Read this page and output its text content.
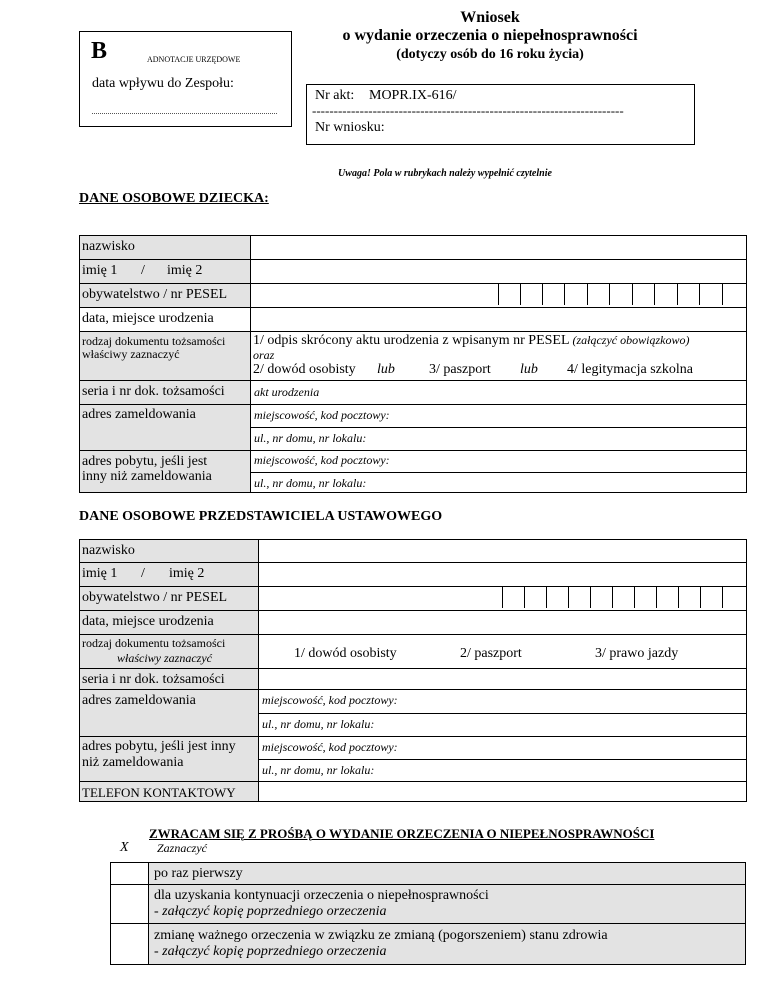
B	ADNOTACJE URZĘDOWE
data wpływu do Zespołu:
Wniosek
o wydanie orzeczenia o niepełnosprawności
(dotyczy osób do 16 roku życia)
Nr akt: MOPR.IX-616/
------------------------------------------------------------------------
Nr wniosku:
Uwaga! Pola w rubrykach należy wypełnić czytelnie
DANE OSOBOWE DZIECKA:
nazwisko
imię 1 / imię 2
obywatelstwo / nr PESEL
data, miejsce urodzenia
rodzaj dokumentu tożsamości
właściwy zaznaczyć
1/ odpis skrócony aktu urodzenia z wpisanym nr PESEL (załączyć obowiązkowo)
oraz
2/ dowód osobisty lub 3/ paszport lub 4/ legitymacja szkolna
seria i nr dok. tożsamości akt urodzenia
adres zameldowania	miejscowość, kod pocztowy:
ul., nr domu, nr lokalu:
adres pobytu, jeśli jest
inny niż zameldowania
miejscowość, kod pocztowy:
ul., nr domu, nr lokalu:
DANE OSOBOWE PRZEDSTAWICIELA USTAWOWEGO
nazwisko
imię 1 / imię 2
obywatelstwo / nr PESEL
data, miejsce urodzenia
rodzaj dokumentu tożsamości
właściwy zaznaczyć	1/ dowód osobisty	2/ paszport	3/ prawo jazdy
seria i nr dok. tożsamości
adres zameldowania	miejscowość, kod pocztowy:
ul., nr domu, nr lokalu:
adres pobytu, jeśli jest inny
niż zameldowania
miejscowość, kod pocztowy:
ul., nr domu, nr lokalu:
TELEFON KONTAKTOWY
X
ZWRACAM SIĘ Z PROŚBĄ O WYDANIE ORZECZENIA O NIEPEŁNOSPRAWNOŚCI
Zaznaczyć
po raz pierwszy
dla uzyskania kontynuacji orzeczenia o niepełnosprawności
- załączyć kopię poprzedniego orzeczenia
zmianę ważnego orzeczenia w związku ze zmianą (pogorszeniem) stanu zdrowia
- załączyć kopię poprzedniego orzeczenia
